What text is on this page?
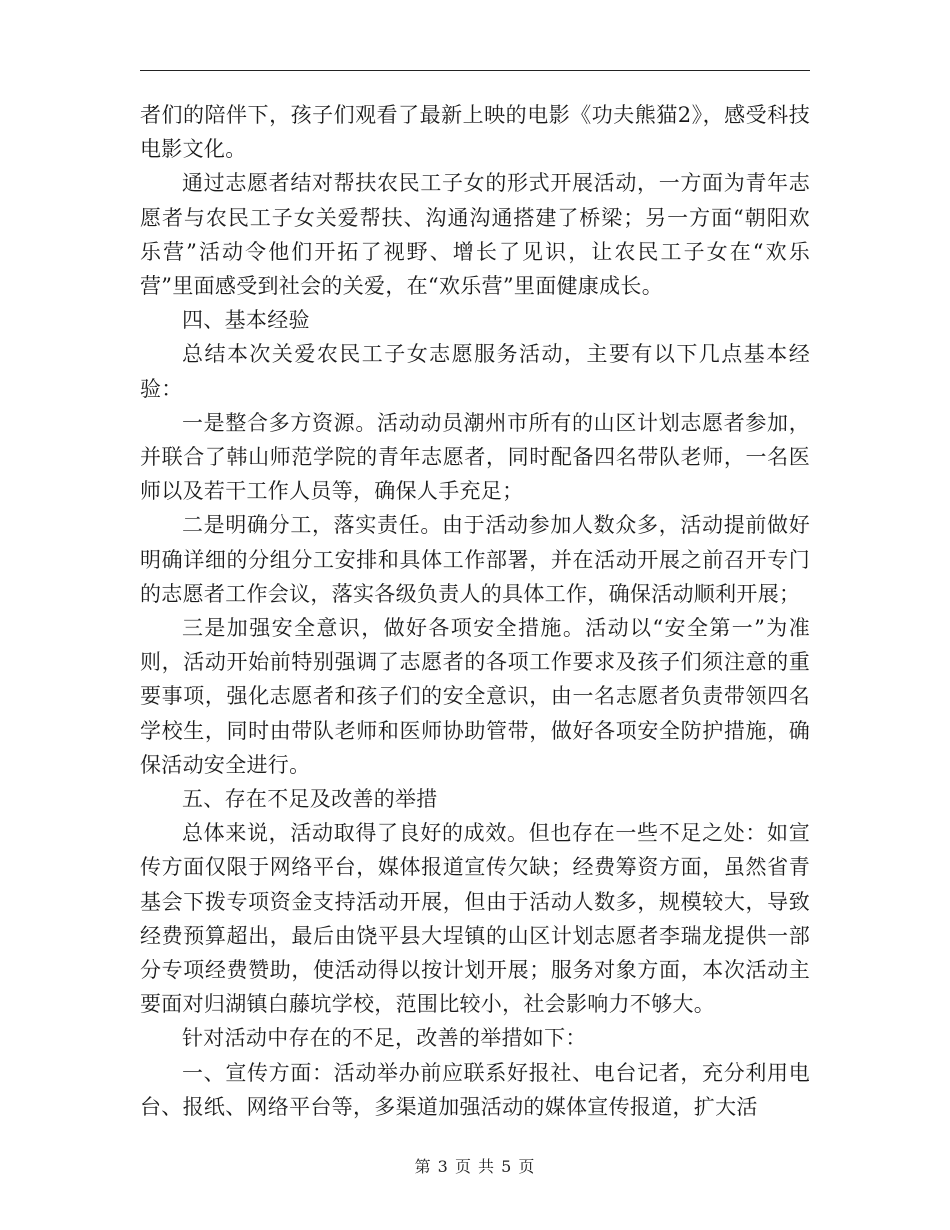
者们的陪伴下，孩子们观看了最新上映的电影《功夫熊猫2》，感受科技电影文化。

通过志愿者结对帮扶农民工子女的形式开展活动，一方面为青年志愿者与农民工子女关爱帮扶、沟通沟通搭建了桥梁；另一方面“朝阳欢乐营”活动令他们开拓了视野、增长了见识，让农民工子女在“欢乐营”里面感受到社会的关爱，在“欢乐营”里面健康成长。

四、基本经验

总结本次关爱农民工子女志愿服务活动，主要有以下几点基本经验：

一是整合多方资源。活动动员潮州市所有的山区计划志愿者参加，并联合了韩山师范学院的青年志愿者，同时配备四名带队老师，一名医师以及若干工作人员等，确保人手充足；

二是明确分工，落实责任。由于活动参加人数众多，活动提前做好明确详细的分组分工安排和具体工作部署，并在活动开展之前召开专门的志愿者工作会议，落实各级负责人的具体工作，确保活动顺利开展；

三是加强安全意识，做好各项安全措施。活动以“安全第一”为准则，活动开始前特别强调了志愿者的各项工作要求及孩子们须注意的重要事项，强化志愿者和孩子们的安全意识，由一名志愿者负责带领四名学校生，同时由带队老师和医师协助管带，做好各项安全防护措施，确保活动安全进行。

五、存在不足及改善的举措

总体来说，活动取得了良好的成效。但也存在一些不足之处：如宣传方面仅限于网络平台，媒体报道宣传欠缺；经费筹资方面，虽然省青基会下拨专项资金支持活动开展，但由于活动人数多，规模较大，导致经费预算超出，最后由饶平县大埕镇的山区计划志愿者李瑞龙提供一部分专项经费赞助，使活动得以按计划开展；服务对象方面，本次活动主要面对归湖镇白藤坑学校，范围比较小，社会影响力不够大。

针对活动中存在的不足，改善的举措如下：

一、宣传方面：活动举办前应联系好报社、电台记者，充分利用电台、报纸、网络平台等，多渠道加强活动的媒体宣传报道，扩大活

第 3 页 共 5 页
